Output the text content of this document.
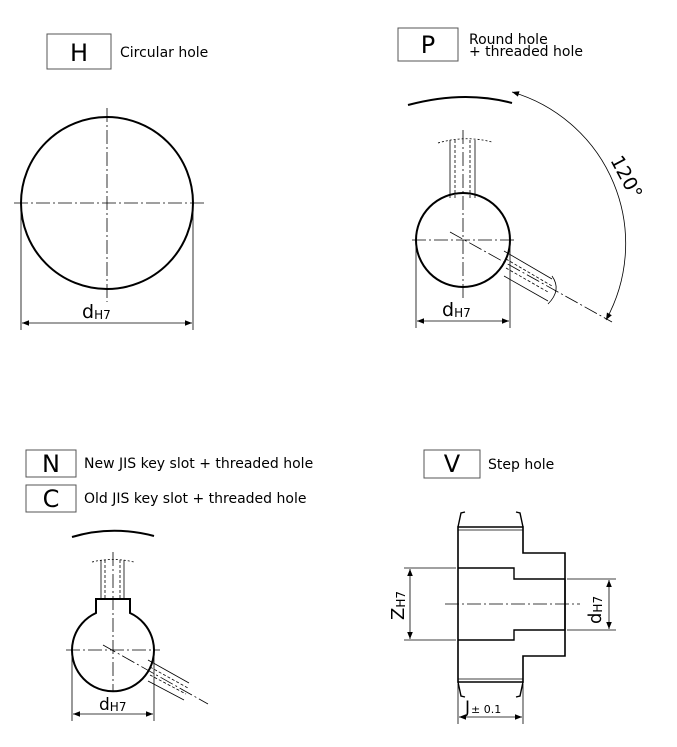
H Circular hole
dH7
P Round hole
+ threaded hole
120°
dH7
N New JIS key slot + threaded hole
C Old JIS key slot + threaded hole
dH7
V Step hole
ZH7
dH7
J± 0.1
